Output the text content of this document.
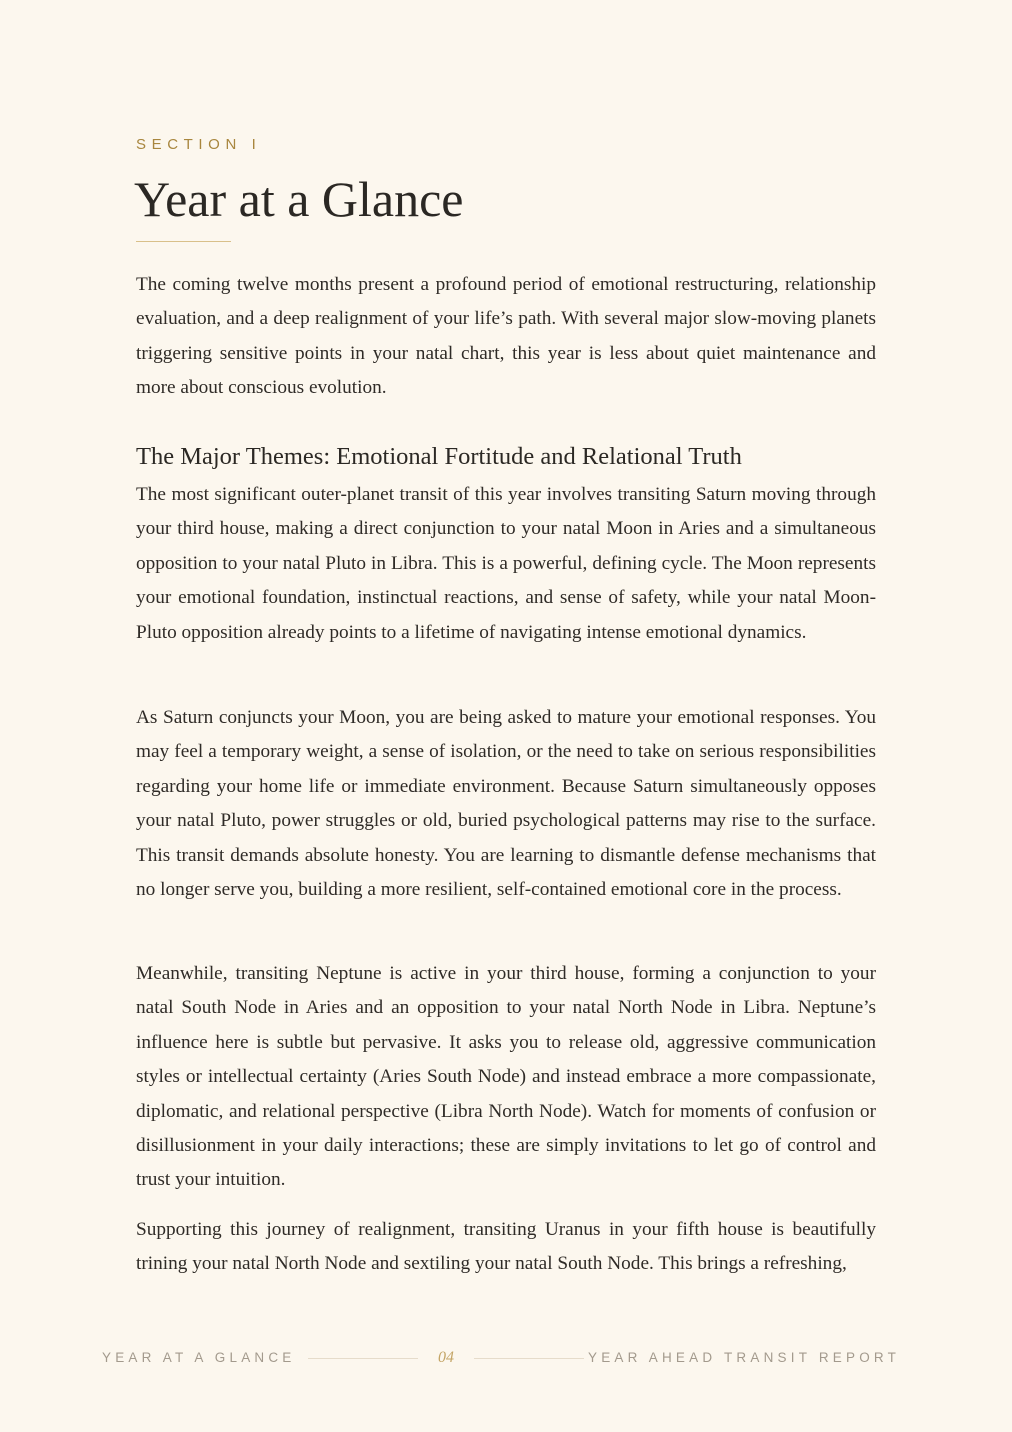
SECTION I
Year at a Glance

The coming twelve months present a profound period of emotional restructuring, relationship evaluation, and a deep realignment of your life’s path. With several major slow-moving planets triggering sensitive points in your natal chart, this year is less about quiet maintenance and more about conscious evolution.

The Major Themes: Emotional Fortitude and Relational Truth

The most significant outer-planet transit of this year involves transiting Saturn moving through your third house, making a direct conjunction to your natal Moon in Aries and a simultaneous opposition to your natal Pluto in Libra. This is a powerful, defining cycle. The Moon represents your emotional foundation, instinctual reactions, and sense of safety, while your natal Moon-Pluto opposition already points to a lifetime of navigating intense emotional dynamics.

As Saturn conjuncts your Moon, you are being asked to mature your emotional responses. You may feel a temporary weight, a sense of isolation, or the need to take on serious responsibilities regarding your home life or immediate environment. Because Saturn simultaneously opposes your natal Pluto, power struggles or old, buried psychological patterns may rise to the surface. This transit demands absolute honesty. You are learning to dismantle defense mechanisms that no longer serve you, building a more resilient, self-contained emotional core in the process.

Meanwhile, transiting Neptune is active in your third house, forming a conjunction to your natal South Node in Aries and an opposition to your natal North Node in Libra. Neptune’s influence here is subtle but pervasive. It asks you to release old, aggressive communication styles or intellectual certainty (Aries South Node) and instead embrace a more compassionate, diplomatic, and relational perspective (Libra North Node). Watch for moments of confusion or disillusionment in your daily interactions; these are simply invitations to let go of control and trust your intuition.

Supporting this journey of realignment, transiting Uranus in your fifth house is beautifully trining your natal North Node and sextiling your natal South Node. This brings a refreshing,

YEAR AT A GLANCE	04	YEAR AHEAD TRANSIT REPORT
